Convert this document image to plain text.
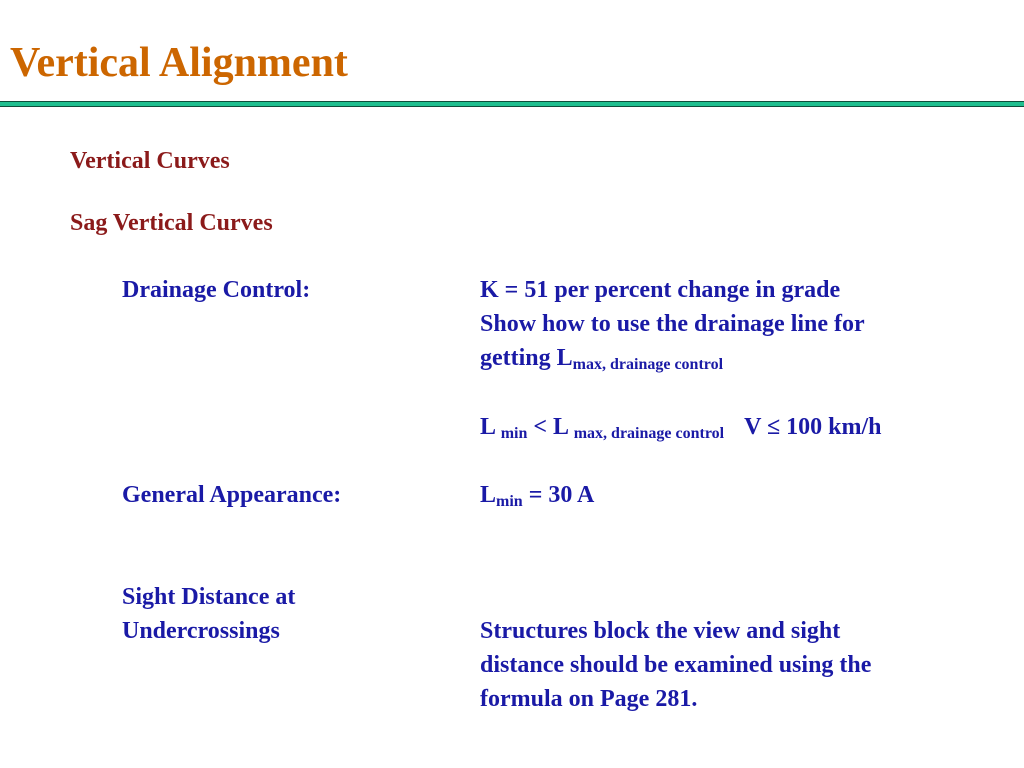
Vertical Alignment
Vertical Curves
Sag Vertical Curves
Drainage Control:	K = 51 per percent change in grade
Show how to use the drainage line for
getting $L_{max, drainage control}$
L $_{min}$ < L $_{max, drainage control}$ V ≤ 100 km/h
General Appearance:	$L_{min} = 30$ A
Sight Distance at
Undercrossings	Structures block the view and sight
distance should be examined using the
formula on Page 281.
